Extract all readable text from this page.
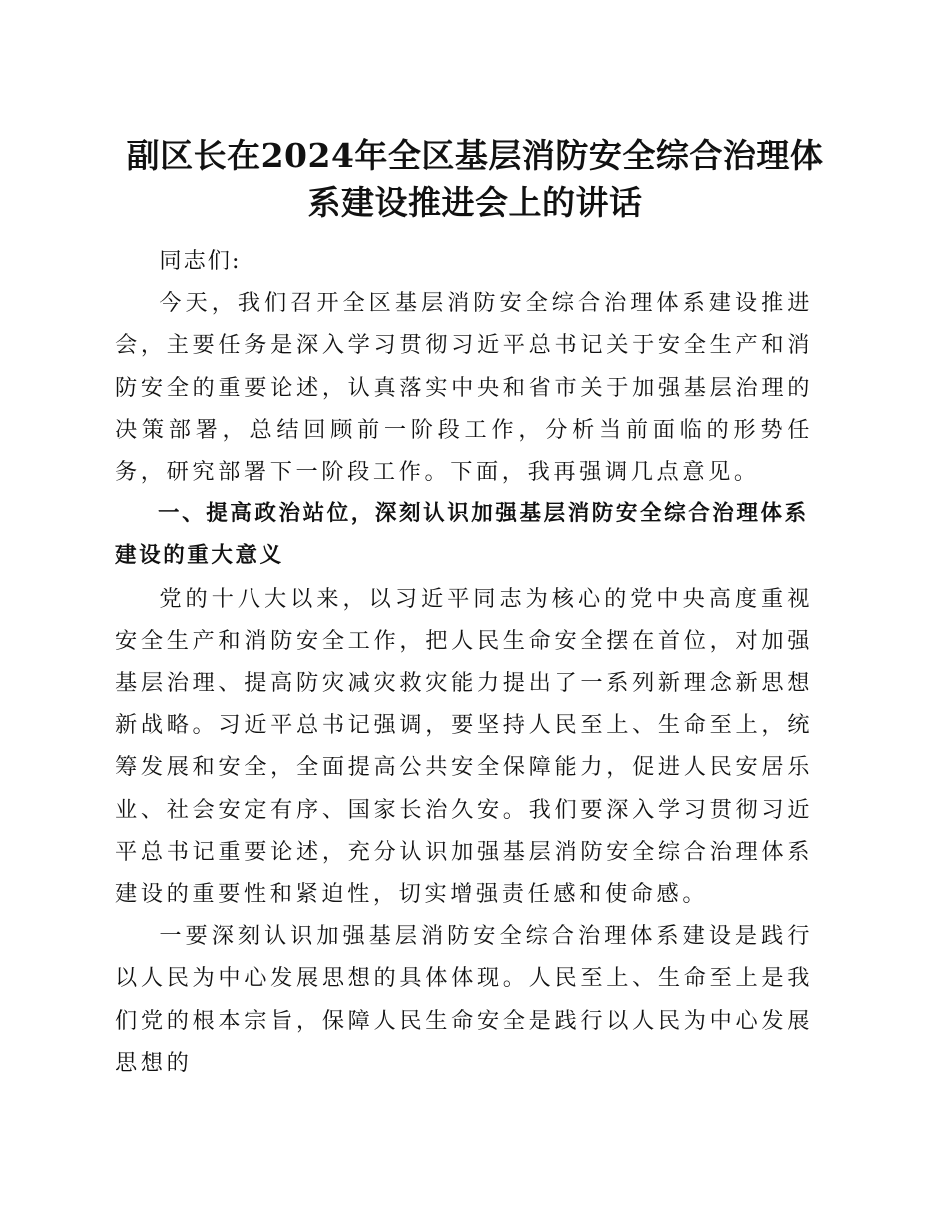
副区长在2024年全区基层消防安全综合治理体系建设推进会上的讲话

同志们:

今天，我们召开全区基层消防安全综合治理体系建设推进会，主要任务是深入学习贯彻习近平总书记关于安全生产和消防安全的重要论述，认真落实中央和省市关于加强基层治理的决策部署，总结回顾前一阶段工作，分析当前面临的形势任务，研究部署下一阶段工作。下面，我再强调几点意见。

一、提高政治站位，深刻认识加强基层消防安全综合治理体系建设的重大意义

党的十八大以来，以习近平同志为核心的党中央高度重视安全生产和消防安全工作，把人民生命安全摆在首位，对加强基层治理、提高防灾减灾救灾能力提出了一系列新理念新思想新战略。习近平总书记强调，要坚持人民至上、生命至上，统筹发展和安全，全面提高公共安全保障能力，促进人民安居乐业、社会安定有序、国家长治久安。我们要深入学习贯彻习近平总书记重要论述，充分认识加强基层消防安全综合治理体系建设的重要性和紧迫性，切实增强责任感和使命感。

一要深刻认识加强基层消防安全综合治理体系建设是践行以人民为中心发展思想的具体体现。人民至上、生命至上是我们党的根本宗旨，保障人民生命安全是践行以人民为中心发展思想的
